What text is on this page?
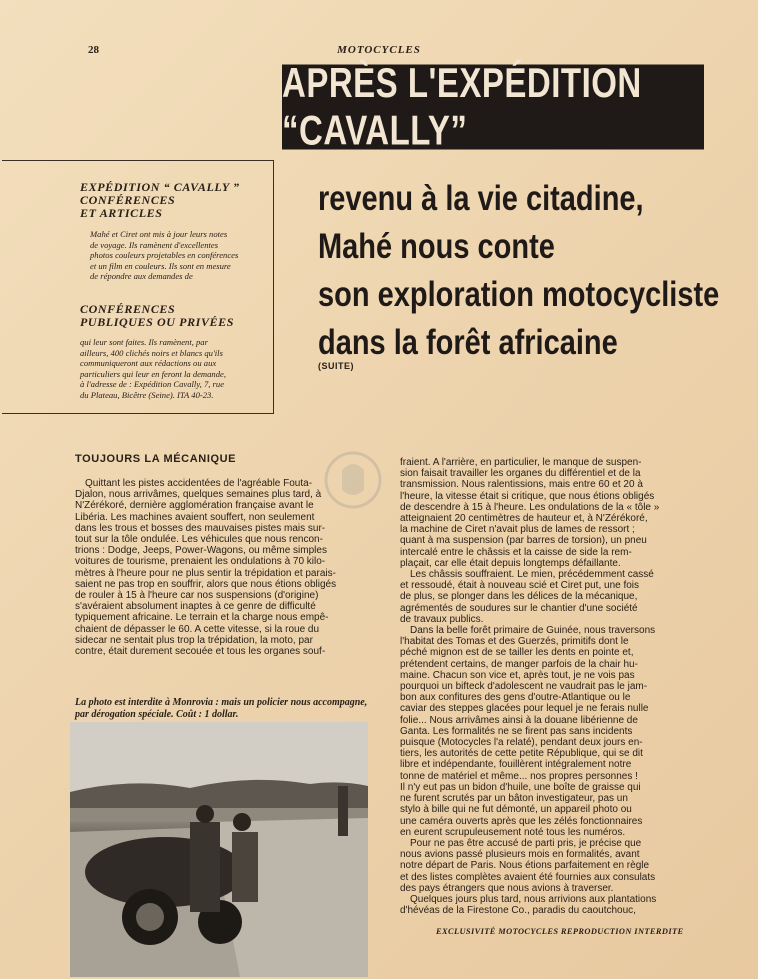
28	MOTOCYCLES
APRÈS L'EXPÉDITION “CAVALLY”
EXPÉDITION “ CAVALLY ”
CONFÉRENCES
ET ARTICLES
Mahé et Ciret ont mis à jour leurs notes
de voyage. Ils ramènent d'excellentes
photos couleurs projetables en conférences
et un film en couleurs. Ils sont en mesure
de répondre aux demandes de
CONFÉRENCES
PUBLIQUES OU PRIVÉES
qui leur sont faites. Ils ramènent, par
ailleurs, 400 clichés noirs et blancs qu'ils
communiqueront aux rédactions ou aux
particuliers qui leur en feront la demande,
à l'adresse de : Expédition Cavally, 7, rue
du Plateau, Bicêtre (Seine). ITA 40-23.
revenu à la vie citadine,
Mahé nous conte
son exploration motocycliste
dans la forêt africaine
(SUITE)
TOUJOURS LA MÉCANIQUE
Quittant les pistes accidentées de l'agréable Fouta-
Djalon, nous arrivâmes, quelques semaines plus tard, à
N'Zérékoré, dernière agglomération française avant le
Libéria. Les machines avaient souffert, non seulement
dans les trous et bosses des mauvaises pistes mais sur-
tout sur la tôle ondulée. Les véhicules que nous rencon-
trions : Dodge, Jeeps, Power-Wagons, ou même simples
voitures de tourisme, prenaient les ondulations à 70 kilo-
mètres à l'heure pour ne plus sentir la trépidation et parais-
saient ne pas trop en souffrir, alors que nous étions obligés
de rouler à 15 à l'heure car nos suspensions (d'origine)
s'avéraient absolument inaptes à ce genre de difficulté
typiquement africaine. Le terrain et la charge nous empê-
chaient de dépasser le 60. A cette vitesse, si la roue du
sidecar ne sentait plus trop la trépidation, la moto, par
contre, était durement secouée et tous les organes souf-
La photo est interdite à Monrovia : mais un policier nous accompagne, par dérogation spéciale. Coût : 1 dollar.
fraient. A l'arrière, en particulier, le manque de suspen-
sion faisait travailler les organes du différentiel et de la
transmission. Nous ralentissions, mais entre 60 et 20 à
l'heure, la vitesse était si critique, que nous étions obligés
de descendre à 15 à l'heure. Les ondulations de la « tôle »
atteignaient 20 centimètres de hauteur et, à N'Zérékoré,
la machine de Ciret n'avait plus de lames de ressort ;
quant à ma suspension (par barres de torsion), un pneu
intercalé entre le châssis et la caisse de side la rem-
plaçait, car elle était depuis longtemps défaillante.
Les châssis souffraient. Le mien, précédemment cassé
et ressoudé, était à nouveau scié et Ciret put, une fois
de plus, se plonger dans les délices de la mécanique,
agrémentés de soudures sur le chantier d'une société
de travaux publics.
Dans la belle forêt primaire de Guinée, nous traversons
l'habitat des Tomas et des Guerzés, primitifs dont le
péché mignon est de se tailler les dents en pointe et,
prétendent certains, de manger parfois de la chair hu-
maine. Chacun son vice et, après tout, je ne vois pas
pourquoi un bifteck d'adolescent ne vaudrait pas le jam-
bon aux confitures des gens d'outre-Atlantique ou le
caviar des steppes glacées pour lequel je ne ferais nulle
folie... Nous arrivâmes ainsi à la douane libérienne de
Ganta. Les formalités ne se firent pas sans incidents
puisque (Motocycles l'a relaté), pendant deux jours en-
tiers, les autorités de cette petite République, qui se dit
libre et indépendante, fouillèrent intégralement notre
tonne de matériel et même... nos propres personnes !
Il n'y eut pas un bidon d'huile, une boîte de graisse qui
ne furent scrutés par un bâton investigateur, pas un
stylo à bille qui ne fut démonté, un appareil photo ou
une caméra ouverts après que les zélés fonctionnaires
en eurent scrupuleusement noté tous les numéros.
Pour ne pas être accusé de parti pris, je précise que
nous avions passé plusieurs mois en formalités, avant
notre départ de Paris. Nous étions parfaitement en règle
et des listes complètes avaient été fournies aux consulats
des pays étrangers que nous avions à traverser.
Quelques jours plus tard, nous arrivions aux plantations
d'hévéas de la Firestone Co., paradis du caoutchouc,
EXCLUSIVITÉ MOTOCYCLES REPRODUCTION INTERDITE
